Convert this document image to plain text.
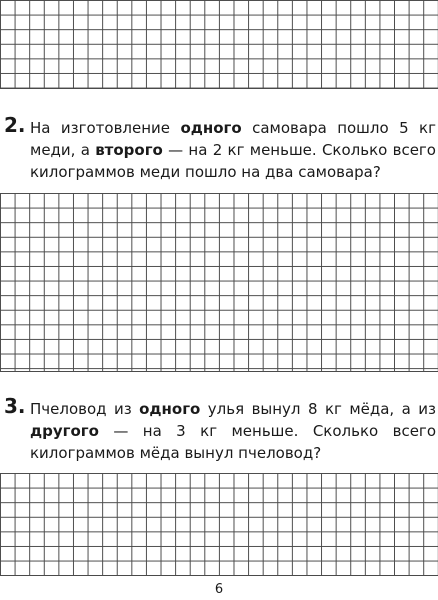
2. На изготовление одного самовара пошло 5 кг меди, а второго — на 2 кг меньше. Сколько всего килограммов меди пошло на два самовара?

3. Пчеловод из одного улья вынул 8 кг мёда, а из другого — на 3 кг меньше. Сколько всего килограммов мёда вынул пчеловод?

6
